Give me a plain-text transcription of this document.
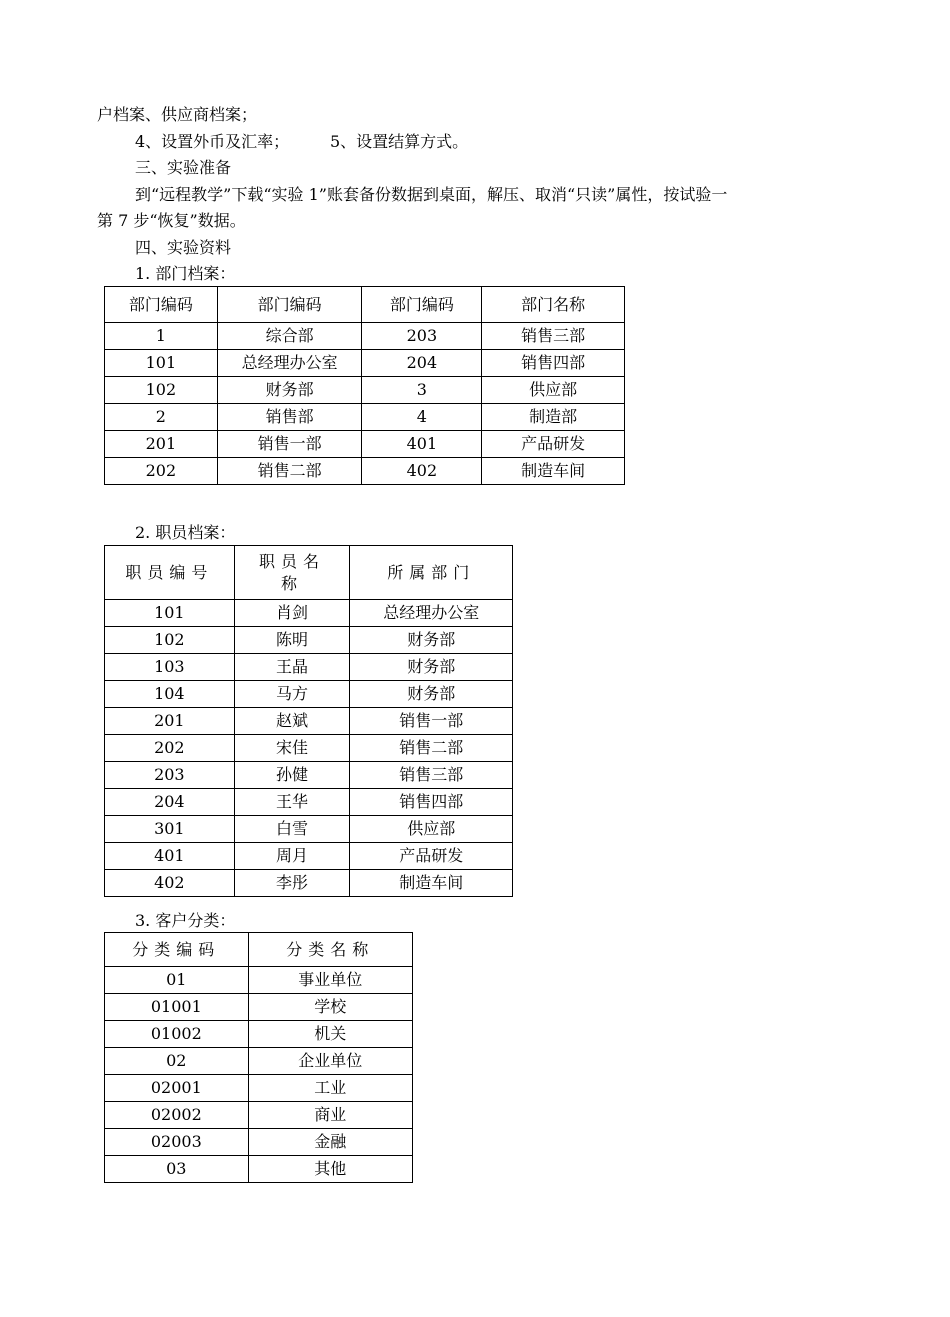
户档案、供应商档案；
4、设置外币及汇率；	5、设置结算方式。
三、实验准备
到“远程教学”下载“实验 1”账套备份数据到桌面，解压、取消“只读”属性，按试验一
第 7 步“恢复”数据。
四、实验资料
1. 部门档案：
部门编码	部门编码	部门编码	部门名称
1	综合部	203	销售三部
101	总经理办公室	204	销售四部
102	财务部	3	供应部
2	销售部	4	制造部
201	销售一部	401	产品研发
202	销售二部	402	制造车间
2. 职员档案：
职员编号	职员名称	所属部门
101	肖剑	总经理办公室
102	陈明	财务部
103	王晶	财务部
104	马方	财务部
201	赵斌	销售一部
202	宋佳	销售二部
203	孙健	销售三部
204	王华	销售四部
301	白雪	供应部
401	周月	产品研发
402	李彤	制造车间
3. 客户分类：
分类编码	分类名称
01	事业单位
01001	学校
01002	机关
02	企业单位
02001	工业
02002	商业
02003	金融
03	其他
